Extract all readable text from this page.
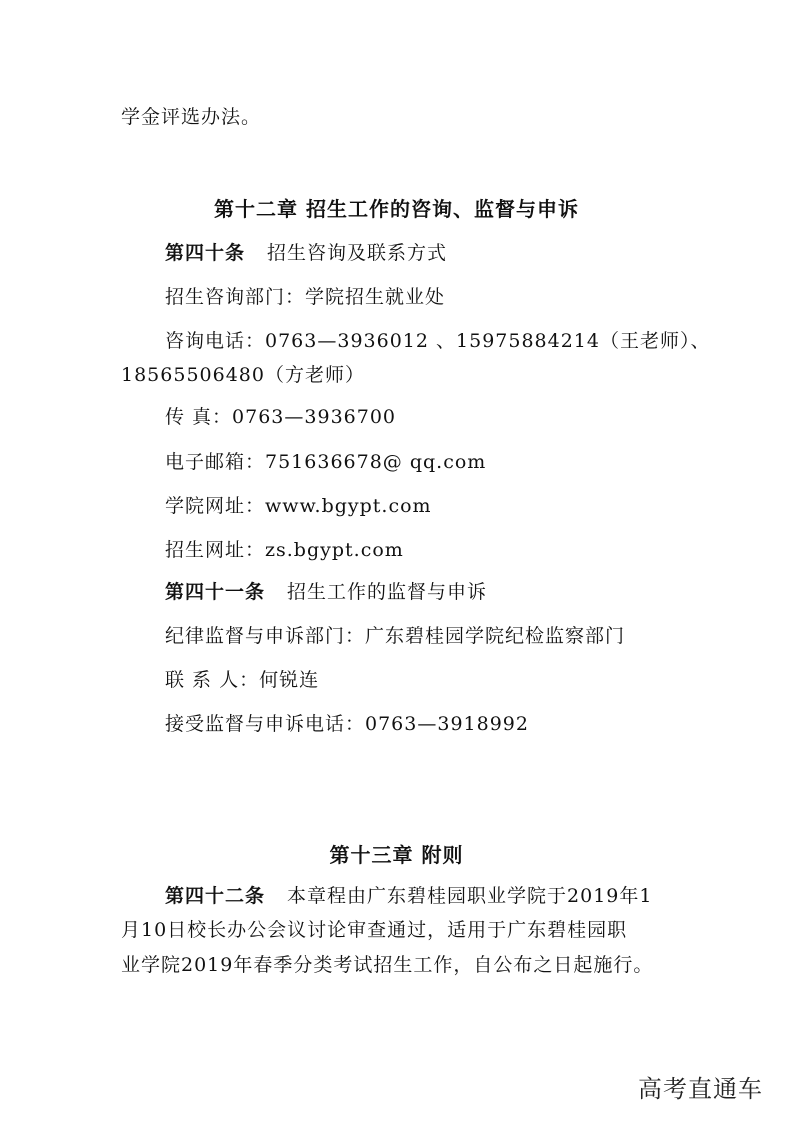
学金评选办法。
第十二章 招生工作的咨询、监督与申诉
第四十条 招生咨询及联系方式
招生咨询部门：学院招生就业处
咨询电话：0763—3936012 、15975884214（王老师）、
18565506480（方老师）
传 真：0763—3936700
电子邮箱：751636678@ qq.com
学院网址：www.bgypt.com
招生网址：zs.bgypt.com
第四十一条 招生工作的监督与申诉
纪律监督与申诉部门：广东碧桂园学院纪检监察部门
联 系 人：何锐连
接受监督与申诉电话：0763—3918992
第十三章 附则
第四十二条 本章程由广东碧桂园职业学院于2019年1
月10日校长办公会议讨论审查通过，适用于广东碧桂园职
业学院2019年春季分类考试招生工作，自公布之日起施行。
高考直通车
